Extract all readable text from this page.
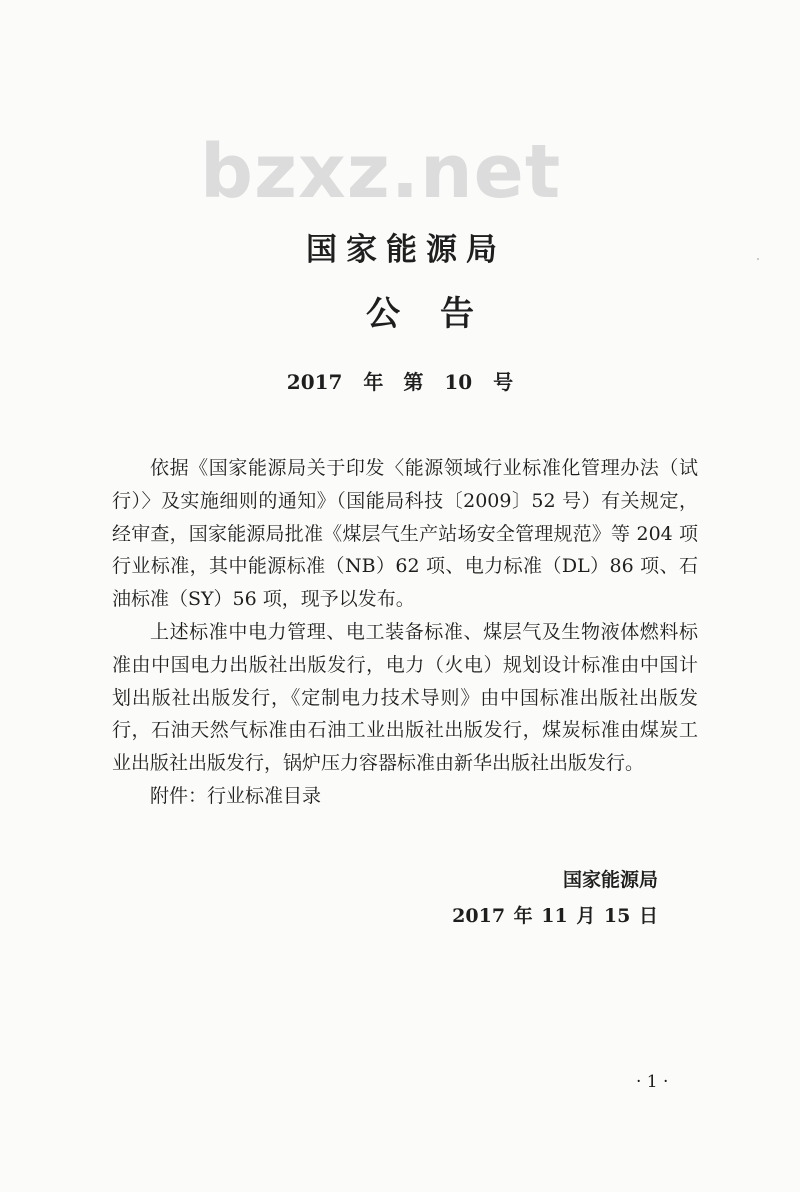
bzxz.net
国家能源局
公告
2017 年　第 10 号

依据《国家能源局关于印发〈能源领域行业标准化管理办法（试行）〉及实施细则的通知》（国能局科技〔2009〕52 号）有关规定，经审查，国家能源局批准《煤层气生产站场安全管理规范》等 204 项行业标准，其中能源标准（NB）62 项、电力标准（DL）86 项、石油标准（SY）56 项，现予以发布。

上述标准中电力管理、电工装备标准、煤层气及生物液体燃料标准由中国电力出版社出版发行，电力（火电）规划设计标准由中国计划出版社出版发行，《定制电力技术导则》由中国标准出版社出版发行，石油天然气标准由石油工业出版社出版发行，煤炭标准由煤炭工业出版社出版发行，锅炉压力容器标准由新华出版社出版发行。

附件：行业标准目录

国家能源局
2017 年 11 月 15 日
· 1 ·
